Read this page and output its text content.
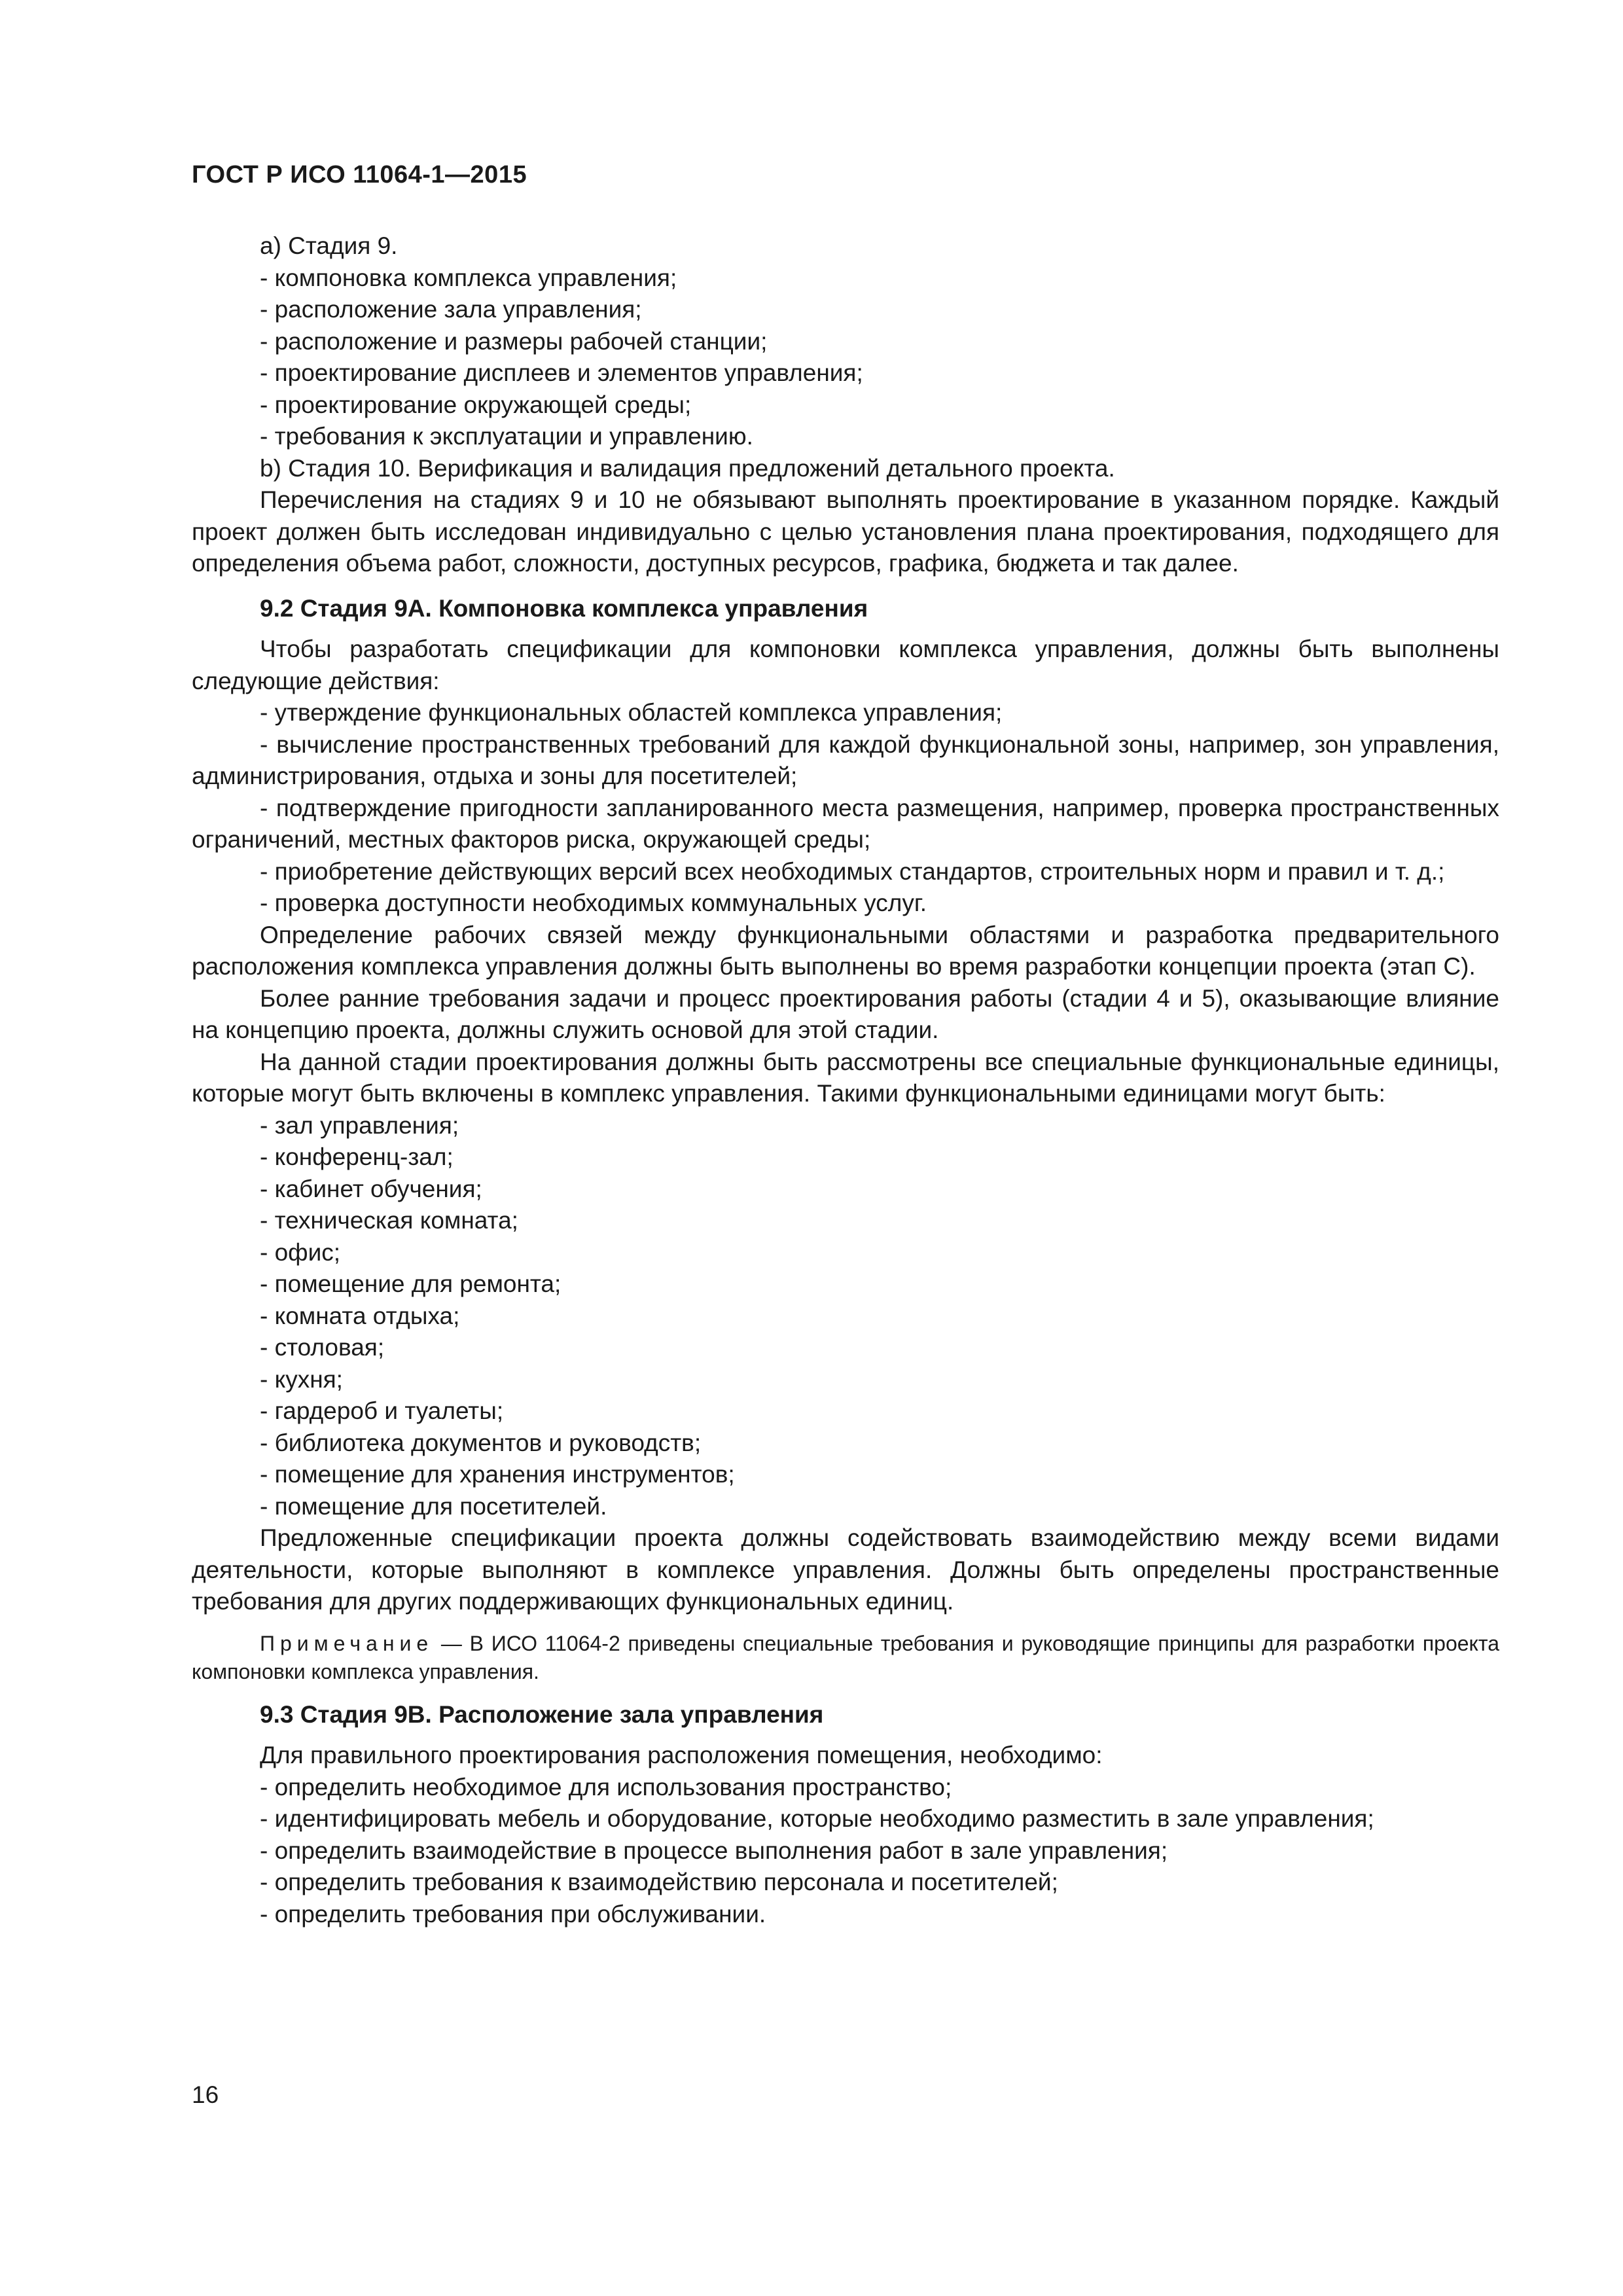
ГОСТ Р ИСО 11064-1—2015

a) Стадия 9.

- компоновка комплекса управления;

- расположение зала управления;

- расположение и размеры рабочей станции;

- проектирование дисплеев и элементов управления;

- проектирование окружающей среды;

- требования к эксплуатации и управлению.

b) Стадия 10. Верификация и валидация предложений детального проекта.

Перечисления на стадиях 9 и 10 не обязывают выполнять проектирование в указанном порядке. Каждый проект должен быть исследован индивидуально с целью установления плана проектирования, подходящего для определения объема работ, сложности, доступных ресурсов, графика, бюджета и так далее.

9.2 Стадия 9А. Компоновка комплекса управления

Чтобы разработать спецификации для компоновки комплекса управления, должны быть выполнены следующие действия:

- утверждение функциональных областей комплекса управления;

- вычисление пространственных требований для каждой функциональной зоны, например, зон управления, администрирования, отдыха и зоны для посетителей;

- подтверждение пригодности запланированного места размещения, например, проверка пространственных ограничений, местных факторов риска, окружающей среды;

- приобретение действующих версий всех необходимых стандартов, строительных норм и правил и т. д.;

- проверка доступности необходимых коммунальных услуг.

Определение рабочих связей между функциональными областями и разработка предварительного расположения комплекса управления должны быть выполнены во время разработки концепции проекта (этап С).

Более ранние требования задачи и процесс проектирования работы (стадии 4 и 5), оказывающие влияние на концепцию проекта, должны служить основой для этой стадии.

На данной стадии проектирования должны быть рассмотрены все специальные функциональные единицы, которые могут быть включены в комплекс управления. Такими функциональными единицами могут быть:

- зал управления;

- конференц-зал;

- кабинет обучения;

- техническая комната;

- офис;

- помещение для ремонта;

- комната отдыха;

- столовая;

- кухня;

- гардероб и туалеты;

- библиотека документов и руководств;

- помещение для хранения инструментов;

- помещение для посетителей.

Предложенные спецификации проекта должны содействовать взаимодействию между всеми видами деятельности, которые выполняют в комплексе управления. Должны быть определены пространственные требования для других поддерживающих функциональных единиц.

Примечание — В ИСО 11064-2 приведены специальные требования и руководящие принципы для разработки проекта компоновки комплекса управления.

9.3 Стадия 9В. Расположение зала управления

Для правильного проектирования расположения помещения, необходимо:

- определить необходимое для использования пространство;

- идентифицировать мебель и оборудование, которые необходимо разместить в зале управления;

- определить взаимодействие в процессе выполнения работ в зале управления;

- определить требования к взаимодействию персонала и посетителей;

- определить требования при обслуживании.

16
